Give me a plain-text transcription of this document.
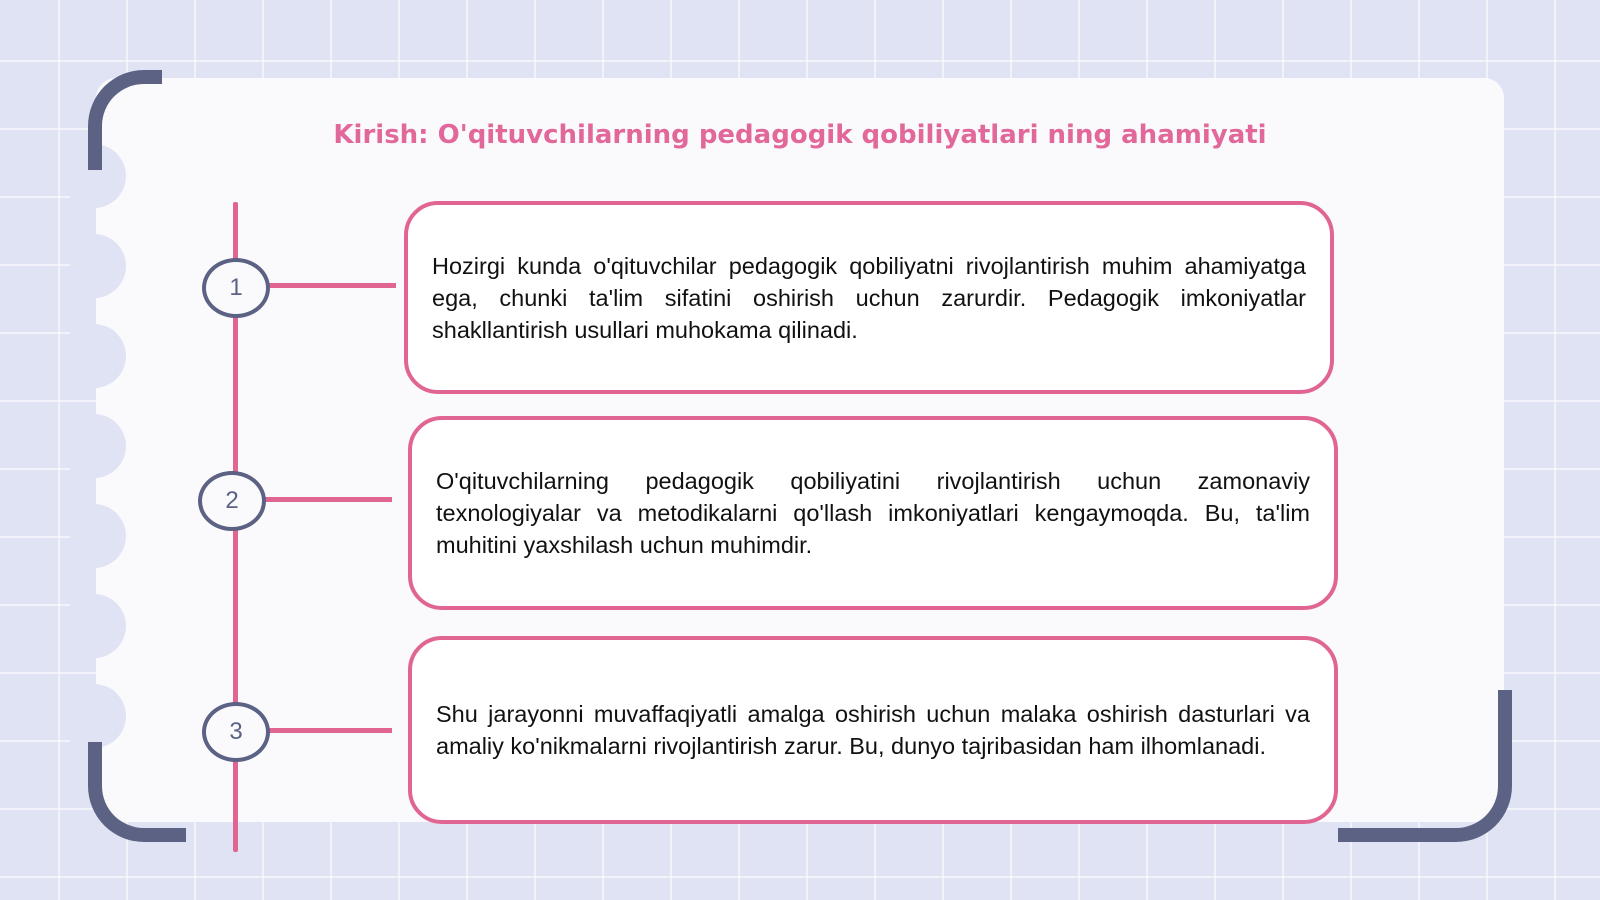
Kirish: O'qituvchilarning pedagogik qobiliyatlari ning ahamiyati
1

Hozirgi kunda o'qituvchilar pedagogik qobiliyatni rivojlantirish muhim ahamiyatga ega, chunki ta'lim sifatini oshirish uchun zarurdir. Pedagogik imkoniyatlar shakllantirish usullari muhokama qilinadi.

2

O'qituvchilarning pedagogik qobiliyatini rivojlantirish uchun zamonaviy texnologiyalar va metodikalarni qo'llash imkoniyatlari kengaymoqda. Bu, ta'lim muhitini yaxshilash uchun muhimdir.

3

Shu jarayonni muvaffaqiyatli amalga oshirish uchun malaka oshirish dasturlari va amaliy ko'nikmalarni rivojlantirish zarur. Bu, dunyo tajribasidan ham ilhomlanadi.
